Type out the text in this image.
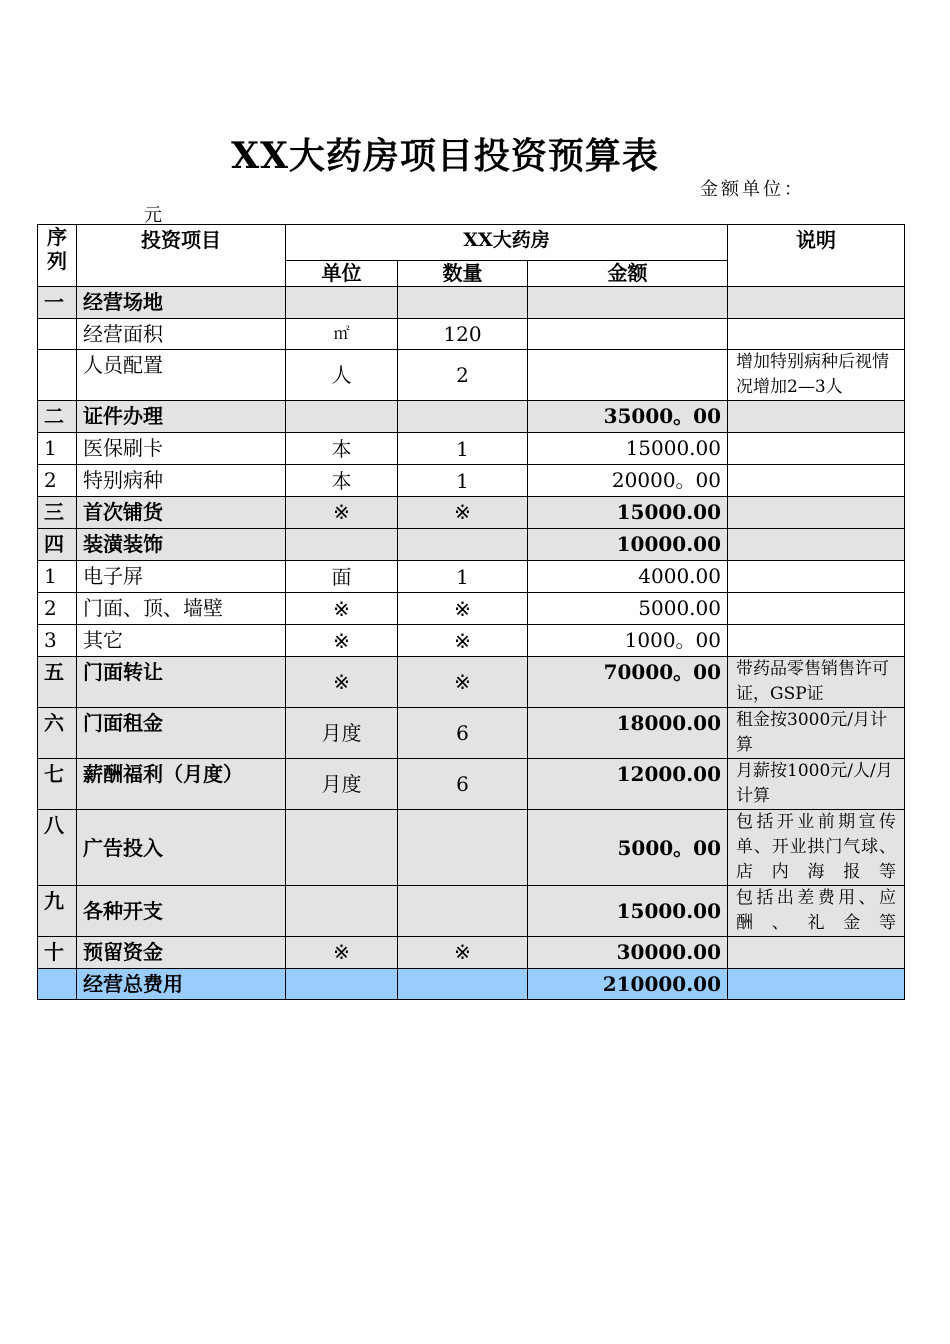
XX大药房项目投资预算表
金额单位：
元
序列	投资项目	XX大药房			说明
		单位	数量	金额	
一	经营场地				
	经营面积	㎡	120		
	人员配置	人	2		增加特别病种后视情况增加2—3人
二	证件办理			35000。00	
1	医保刷卡	本	1	15000.00	
2	特别病种	本	1	20000。00	
三	首次铺货	※	※	15000.00	
四	装潢装饰			10000.00	
1	电子屏	面	1	4000.00	
2	门面、顶、墙壁	※	※	5000.00	
3	其它	※	※	1000。00	
五	门面转让	※	※	70000。00	带药品零售销售许可证，GSP证
六	门面租金	月度	6	18000.00	租金按3000元/月计算
七	薪酬福利（月度）	月度	6	12000.00	月薪按1000元/人/月计算
八	广告投入			5000。00	包括开业前期宣传单、开业拱门气球、店内海报等
九	各种开支			15000.00	包括出差费用、应酬、礼金等
十	预留资金	※	※	30000.00	
	经营总费用			210000.00	
